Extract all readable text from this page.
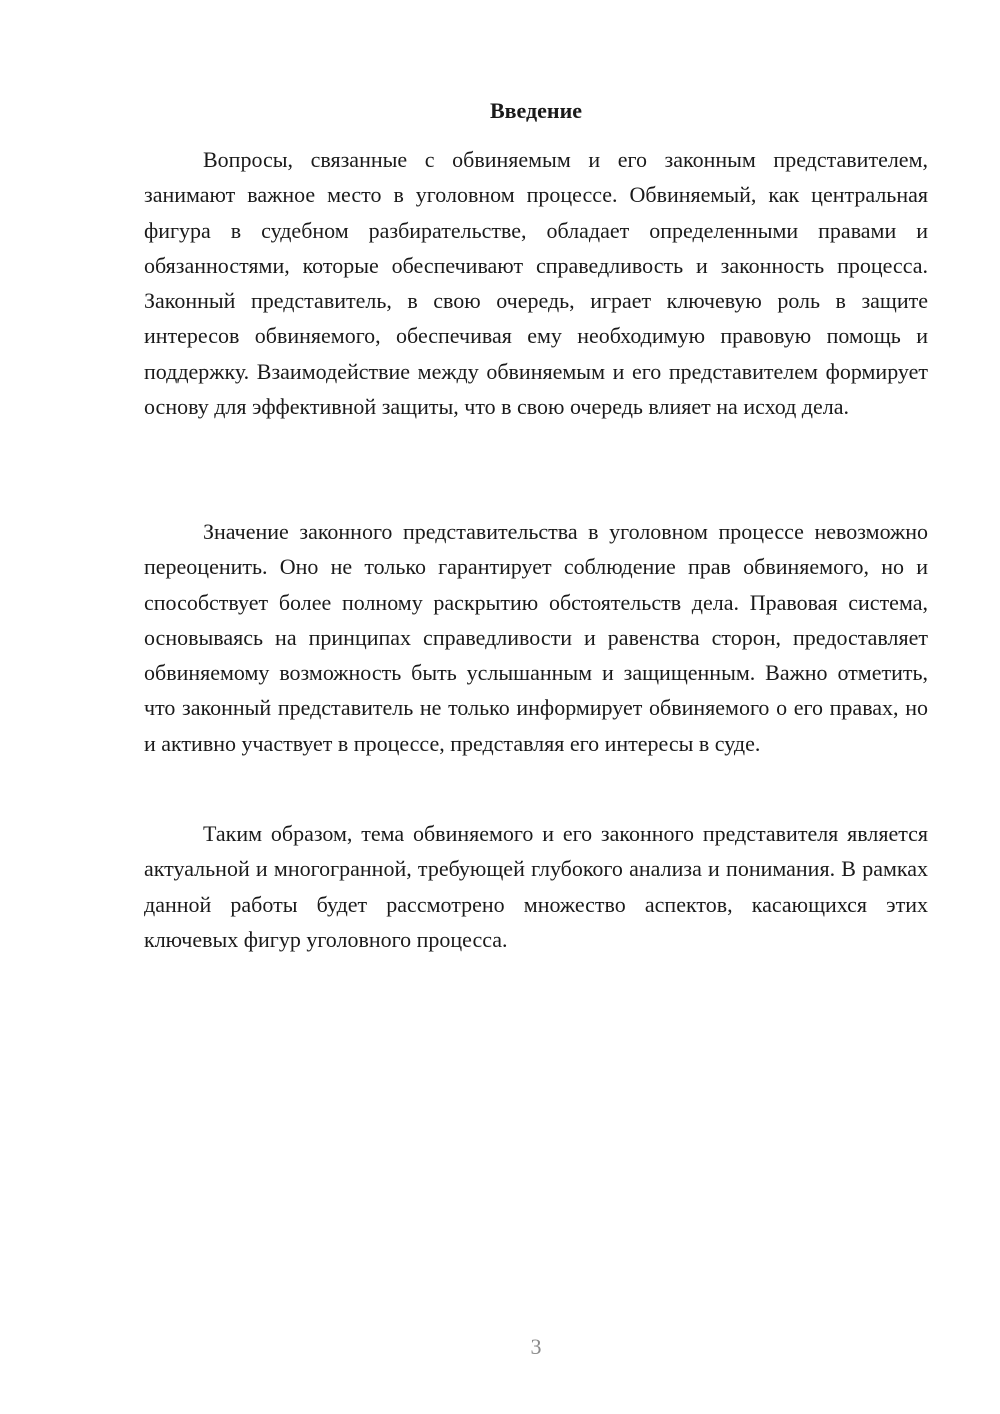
Введение

Вопросы, связанные с обвиняемым и его законным представителем, занимают важное место в уголовном процессе. Обвиняемый, как центральная фигура в судебном разбирательстве, обладает определенными правами и обязанностями, которые обеспечивают справедливость и законность процесса. Законный представитель, в свою очередь, играет ключевую роль в защите интересов обвиняемого, обеспечивая ему необходимую правовую помощь и поддержку. Взаимодействие между обвиняемым и его представителем формирует основу для эффективной защиты, что в свою очередь влияет на исход дела.

Значение законного представительства в уголовном процессе невозможно переоценить. Оно не только гарантирует соблюдение прав обвиняемого, но и способствует более полному раскрытию обстоятельств дела. Правовая система, основываясь на принципах справедливости и равенства сторон, предоставляет обвиняемому возможность быть услышанным и защищенным. Важно отметить, что законный представитель не только информирует обвиняемого о его правах, но и активно участвует в процессе, представляя его интересы в суде.

Таким образом, тема обвиняемого и его законного представителя является актуальной и многогранной, требующей глубокого анализа и понимания. В рамках данной работы будет рассмотрено множество аспектов, касающихся этих ключевых фигур уголовного процесса.

3
